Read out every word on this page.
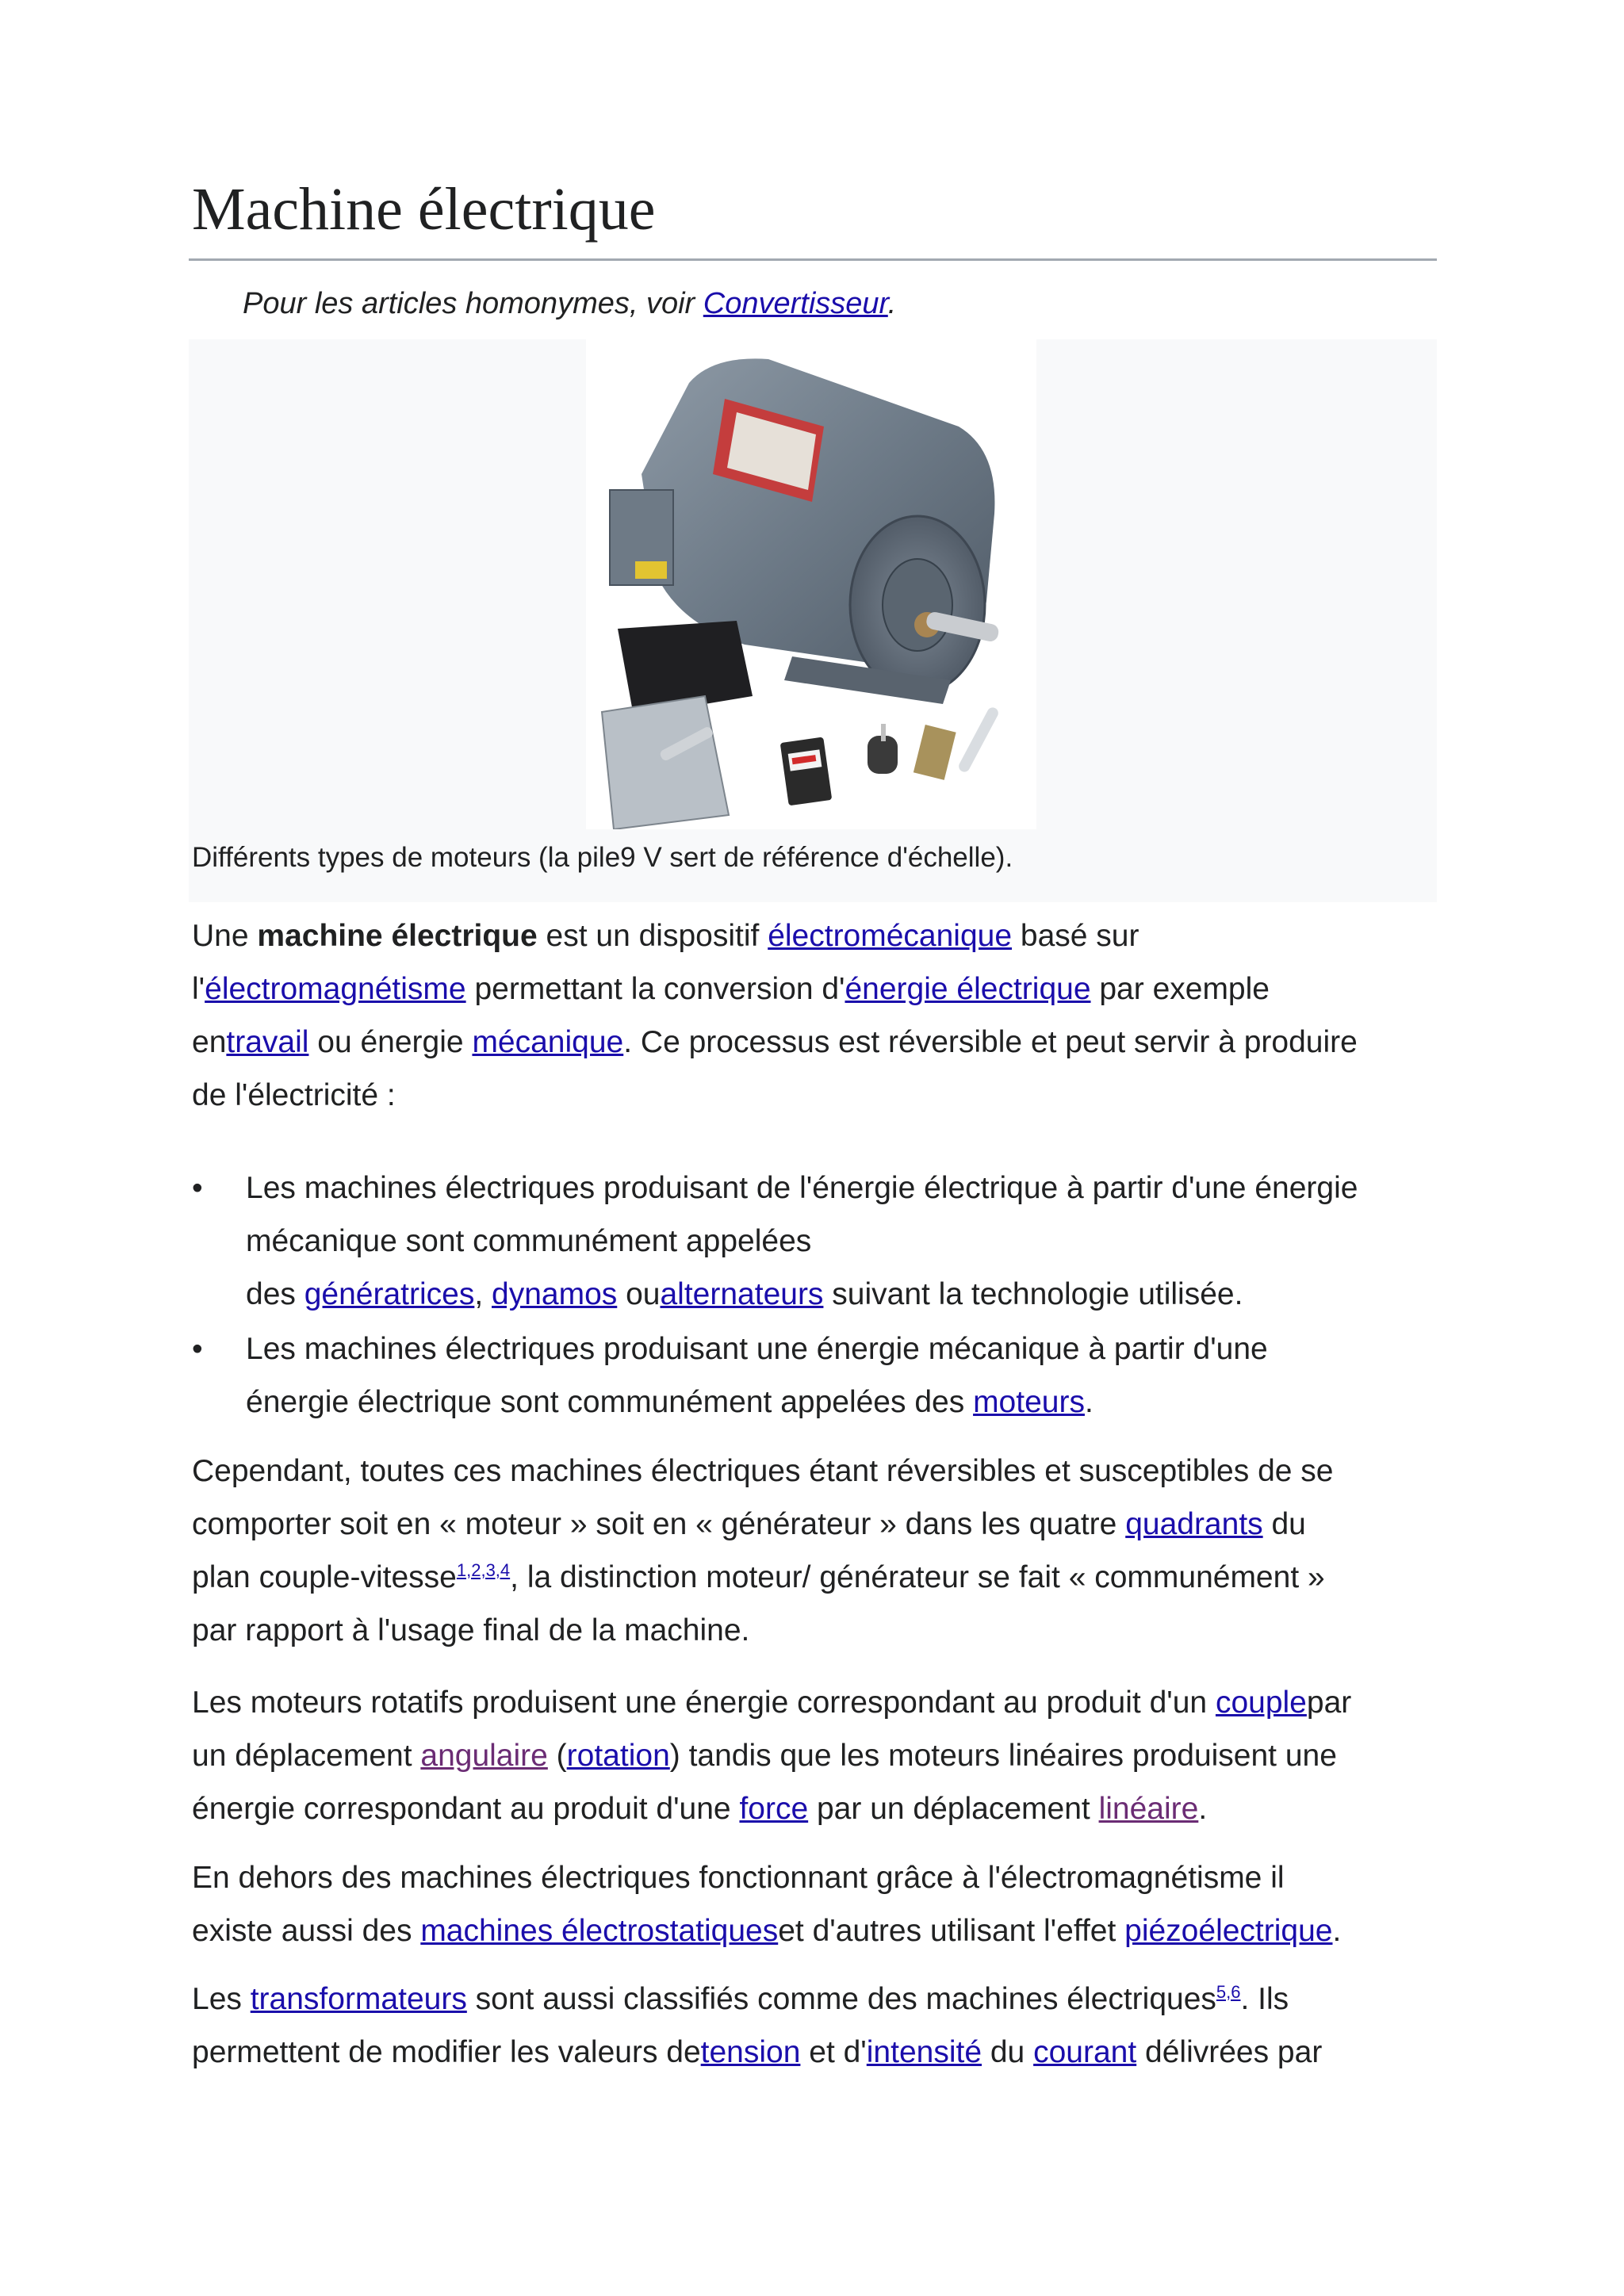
Machine électrique
Pour les articles homonymes, voir Convertisseur.
Différents types de moteurs (la pile9 V sert de référence d'échelle).

Une machine électrique est un dispositif électromécanique basé sur
l'électromagnétisme permettant la conversion d'énergie électrique par exemple
entravail ou énergie mécanique. Ce processus est réversible et peut servir à produire
de l'électricité :

•	Les machines électriques produisant de l'énergie électrique à partir d'une énergie
mécanique sont communément appelées
des génératrices, dynamos oualternateurs suivant la technologie utilisée.
•	Les machines électriques produisant une énergie mécanique à partir d'une
énergie électrique sont communément appelées des moteurs.

Cependant, toutes ces machines électriques étant réversibles et susceptibles de se
comporter soit en « moteur » soit en « générateur » dans les quatre quadrants du
plan couple-vitesse$^{1,2,3,4}$, la distinction moteur/ générateur se fait « communément »
par rapport à l'usage final de la machine.

Les moteurs rotatifs produisent une énergie correspondant au produit d'un couplepar
un déplacement angulaire (rotation) tandis que les moteurs linéaires produisent une
énergie correspondant au produit d'une force par un déplacement linéaire.

En dehors des machines électriques fonctionnant grâce à l'électromagnétisme il
existe aussi des machines électrostatiqueset d'autres utilisant l'effet piézoélectrique.

Les transformateurs sont aussi classifiés comme des machines électriques$^{5,6}$. Ils
permettent de modifier les valeurs detension et d'intensité du courant délivrées par
